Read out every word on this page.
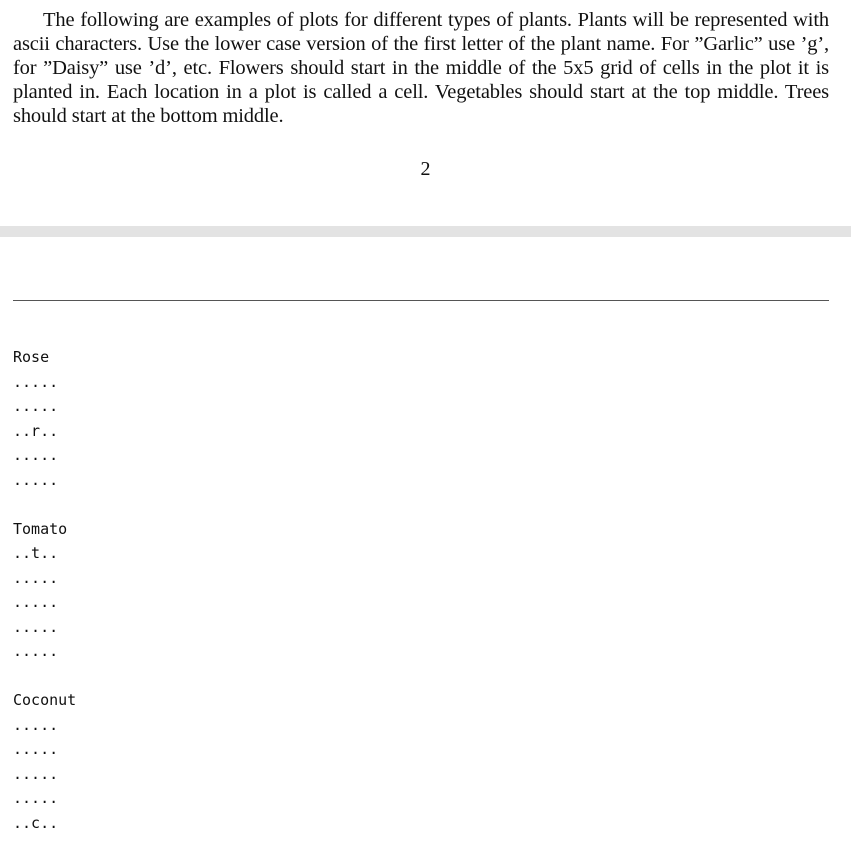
The following are examples of plots for different types of plants. Plants will be represented with ascii characters. Use the lower case version of the first letter of the plant name. For ”Garlic” use ’g’, for ”Daisy” use ’d’, etc. Flowers should start in the middle of the 5x5 grid of cells in the plot it is planted in. Each location in a plot is called a cell. Vegetables should start at the top middle. Trees should start at the bottom middle.

2
Rose
.....
.....
..r..
.....
.....
Tomato
..t..
.....
.....
.....
.....
Coconut
.....
.....
.....
.....
..c..
